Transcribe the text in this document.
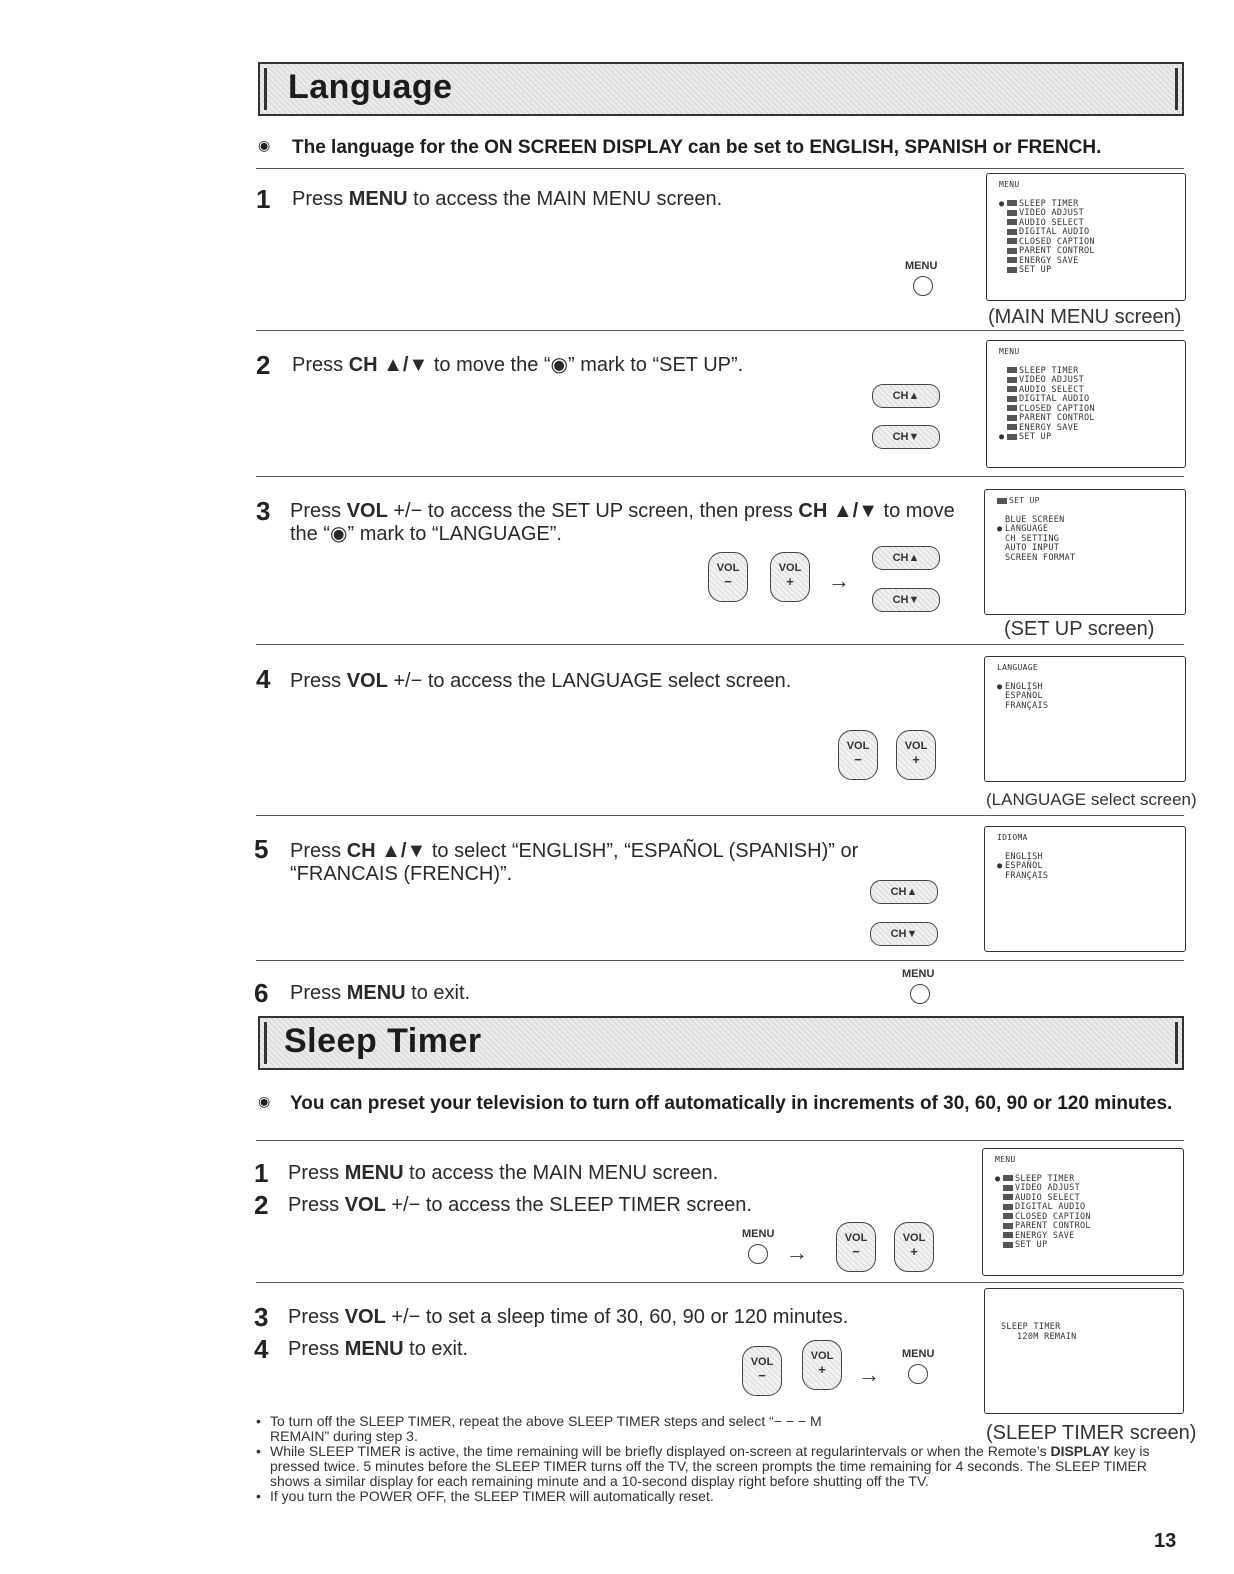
Language
◉ The language for the ON SCREEN DISPLAY can be set to ENGLISH, SPANISH or FRENCH.
1 Press MENU to access the MAIN MENU screen.
MENU
MENU
● SLEEP TIMER
VIDEO ADJUST
AUDIO SELECT
DIGITAL AUDIO
CLOSED CAPTION
PARENT CONTROL
ENERGY SAVE
SET UP
(MAIN MENU screen)
2 Press CH ▲/▼ to move the “◉” mark to “SET UP”.
CH▲
CH▼
MENU
SLEEP TIMER
VIDEO ADJUST
AUDIO SELECT
DIGITAL AUDIO
CLOSED CAPTION
PARENT CONTROL
ENERGY SAVE
● SET UP
3 Press VOL +/− to access the SET UP screen, then press CH ▲/▼ to move the “◉” mark to “LANGUAGE”.
VOL
−
VOL
+	→
CH▲
CH▼
SET UP
BLUE SCREEN
● LANGUAGE
CH SETTING
AUTO INPUT
SCREEN FORMAT
(SET UP screen)
4 Press VOL +/− to access the LANGUAGE select screen.
VOL
−
VOL
+
LANGUAGE
● ENGLISH
ESPAÑOL
FRANÇAIS
(LANGUAGE select screen)
5 Press CH ▲/▼ to select “ENGLISH”, “ESPAÑOL (SPANISH)” or “FRANCAIS (FRENCH)”.
CH▲
CH▼
IDIOMA
ENGLISH
● ESPAÑOL
FRANÇAIS
6 Press MENU to exit.
MENU
Sleep Timer
◉ You can preset your television to turn off automatically in increments of 30, 60, 90 or 120 minutes.
1 Press MENU to access the MAIN MENU screen.
2 Press VOL +/− to access the SLEEP TIMER screen.
MENU
→
VOL
−
VOL
+
MENU
● SLEEP TIMER
VIDEO ADJUST
AUDIO SELECT
DIGITAL AUDIO
CLOSED CAPTION
PARENT CONTROL
ENERGY SAVE
SET UP
3 Press VOL +/− to set a sleep time of 30, 60, 90 or 120 minutes.
4 Press MENU to exit.
VOL
−
VOL
+	→
MENU
SLEEP TIMER
120M REMAIN
(SLEEP TIMER screen)

• To turn off the SLEEP TIMER, repeat the above SLEEP TIMER steps and select “− − − M REMAIN” during step 3.

• While SLEEP TIMER is active, the time remaining will be briefly displayed on-screen at regularintervals or when the Remote’s DISPLAY key is pressed twice. 5 minutes before the SLEEP TIMER turns off the TV, the screen prompts the time remaining for 4 seconds. The SLEEP TIMER shows a similar display for each remaining minute and a 10-second display right before shutting off the TV.

• If you turn the POWER OFF, the SLEEP TIMER will automatically reset.

13
